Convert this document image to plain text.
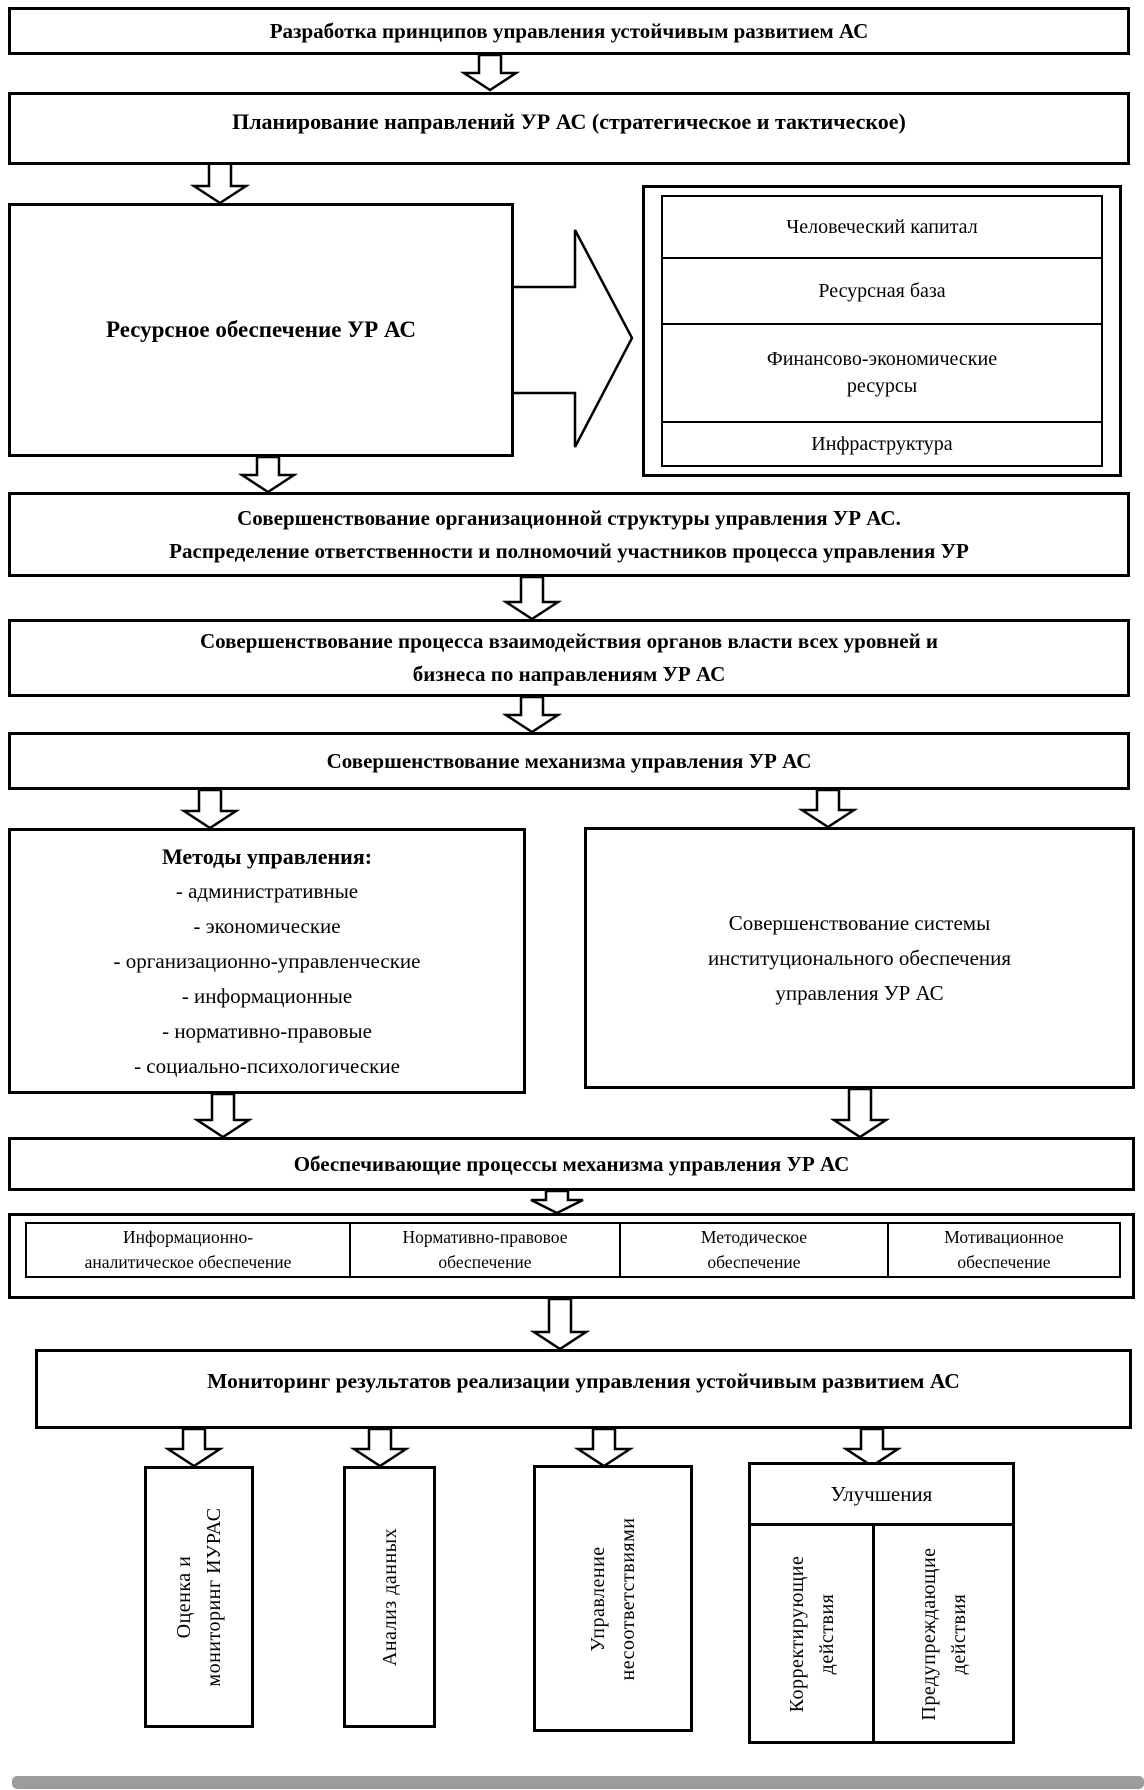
Разработка принципов управления устойчивым развитием АС
Планирование направлений УР АС (стратегическое и тактическое)
Ресурсное обеспечение УР АС
Человеческий капитал
Ресурсная база
Финансово-экономические
ресурсы
Инфраструктура
Совершенствование организационной структуры управления УР АС.
Распределение ответственности и полномочий участников процесса управления УР
Совершенствование процесса взаимодействия органов власти всех уровней и
бизнеса по направлениям УР АС
Совершенствование механизма управления УР АС
Методы управления:
- административные
- экономические
- организационно-управленческие
- информационные
- нормативно-правовые
- социально-психологические
Совершенствование системы
институционального обеспечения
управления УР АС
Обеспечивающие процессы механизма управления УР АС
Информационно-
аналитическое обеспечение
Нормативно-правовое
обеспечение
Методическое
обеспечение
Мотивационное
обеспечение
Мониторинг результатов реализации управления устойчивым развитием АС
Оценка и мониторинг ИУРАС	Анализ данных	Управление несоответствиями
Улучшения
Корректирующие действия	Предупреждающие действия
